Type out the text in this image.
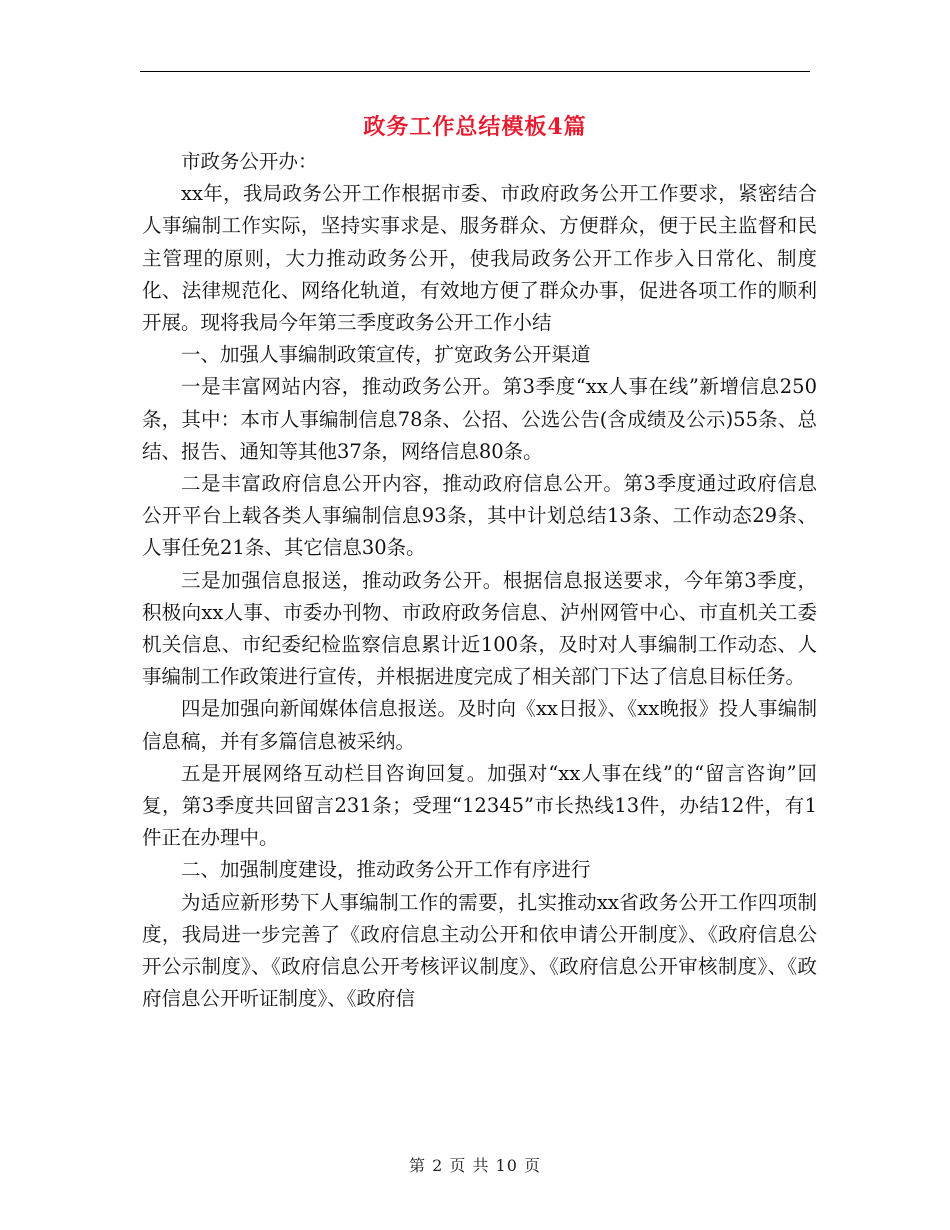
政务工作总结模板4篇

市政务公开办：

xx年，我局政务公开工作根据市委、市政府政务公开工作要求，紧密结合人事编制工作实际，坚持实事求是、服务群众、方便群众，便于民主监督和民主管理的原则，大力推动政务公开，使我局政务公开工作步入日常化、制度化、法律规范化、网络化轨道，有效地方便了群众办事，促进各项工作的顺利开展。现将我局今年第三季度政务公开工作小结

一、加强人事编制政策宣传，扩宽政务公开渠道

一是丰富网站内容，推动政务公开。第3季度“xx人事在线”新增信息250条，其中：本市人事编制信息78条、公招、公选公告(含成绩及公示)55条、总结、报告、通知等其他37条，网络信息80条。

二是丰富政府信息公开内容，推动政府信息公开。第3季度通过政府信息公开平台上载各类人事编制信息93条，其中计划总结13条、工作动态29条、人事任免21条、其它信息30条。

三是加强信息报送，推动政务公开。根据信息报送要求，今年第3季度，积极向xx人事、市委办刊物、市政府政务信息、泸州网管中心、市直机关工委机关信息、市纪委纪检监察信息累计近100条，及时对人事编制工作动态、人事编制工作政策进行宣传，并根据进度完成了相关部门下达了信息目标任务。

四是加强向新闻媒体信息报送。及时向《xx日报》、《xx晚报》投人事编制信息稿，并有多篇信息被采纳。

五是开展网络互动栏目咨询回复。加强对“xx人事在线”的“留言咨询”回复，第3季度共回留言231条；受理“12345”市长热线13件，办结12件，有1件正在办理中。

二、加强制度建设，推动政务公开工作有序进行

为适应新形势下人事编制工作的需要，扎实推动xx省政务公开工作四项制度，我局进一步完善了《政府信息主动公开和依申请公开制度》、《政府信息公开公示制度》、《政府信息公开考核评议制度》、《政府信息公开审核制度》、《政府信息公开听证制度》、《政府信

第 2 页 共 10 页
